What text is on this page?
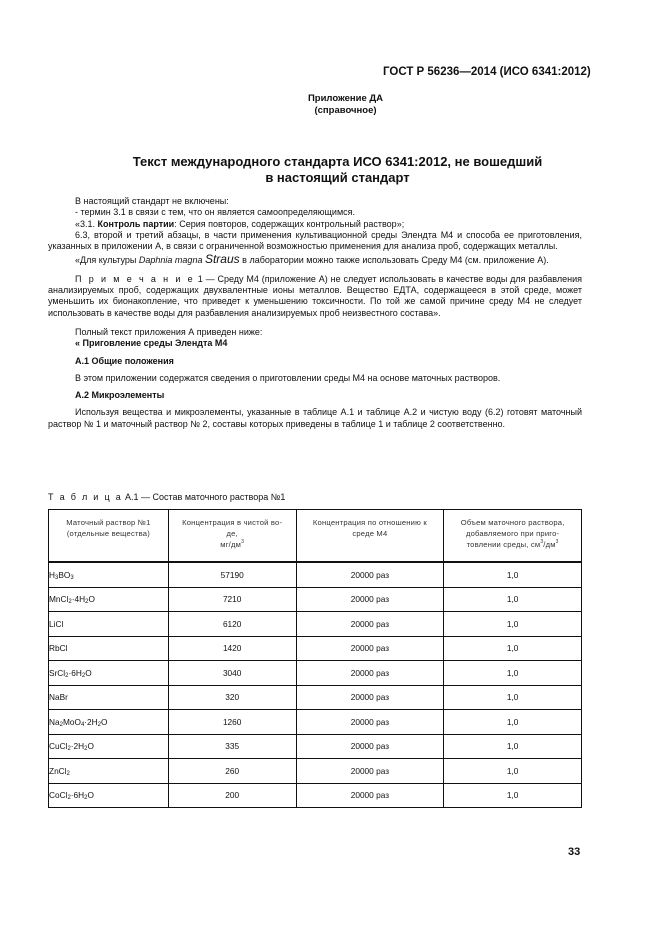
ГОСТ Р 56236—2014 (ИСО 6341:2012)
Приложение ДА
(справочное)
Текст международного стандарта ИСО 6341:2012, не вошедший
в настоящий стандарт

В настоящий стандарт не включены:

- термин 3.1 в связи с тем, что он является самоопределяющимся.

«3.1. Контроль партии: Серия повторов, содержащих контрольный раствор»;

6.3, второй и третий абзацы, в части применения культивационной среды Элендта М4 и способа ее приготовления, указанных в приложении А, в связи с ограниченной возможностью применения для анализа проб, содержащих металлы.

«Для культуры Daphnia magna Straus в лаборатории можно также использовать Среду М4 (см. приложение А).

П р и м е ч а н и е 1 — Среду М4 (приложение А) не следует использовать в качестве воды для разбавления анализируемых проб, содержащих двухвалентные ионы металлов. Вещество ЕДТА, содержащееся в этой среде, может уменьшить их бионакопление, что приведет к уменьшению токсичности. По той же самой причине среду М4 не следует использовать в качестве воды для разбавления анализируемых проб неизвестного состава».

Полный текст приложения А приведен ниже:

« Приговление среды Элендта М4

А.1 Общие положения

В этом приложении содержатся сведения о приготовлении среды М4 на основе маточных растворов.

А.2 Микроэлементы

Используя вещества и микроэлементы, указанные в таблице А.1 и таблице А.2 и чистую воду (6.2) готовят маточный раствор № 1 и маточный раствор № 2, составы которых приведены в таблице 1 и таблице 2 соответственно.

Т а б л и ц а А.1 — Состав маточного раствора №1
Маточный раствор №1
(отдельные вещества)	Концентрация в чистой во-
де,
$мг/дм^3$	Концентрация по отношению к
среде М4	Объем маточного раствора,
добавляемого при приго-
товлении среды, $см^3/дм^3$
$H_3BO_3$	57190	20000 раз	1,0
$MnCl_2\cdot 4H_2O$	7210	20000 раз	1,0
LiCl	6120	20000 раз	1,0
RbCl	1420	20000 раз	1,0
$SrCl_2\cdot 6H_2O$	3040	20000 раз	1,0
NaBr	320	20000 раз	1,0
$Na_2MoO_4\cdot 2H_2O$	1260	20000 раз	1,0
$CuCl_2\cdot 2H_2O$	335	20000 раз	1,0
ZnCl$_2$	260	20000 раз	1,0
$CoCl_2\cdot 6H_2O$	200	20000 раз	1,0
33
